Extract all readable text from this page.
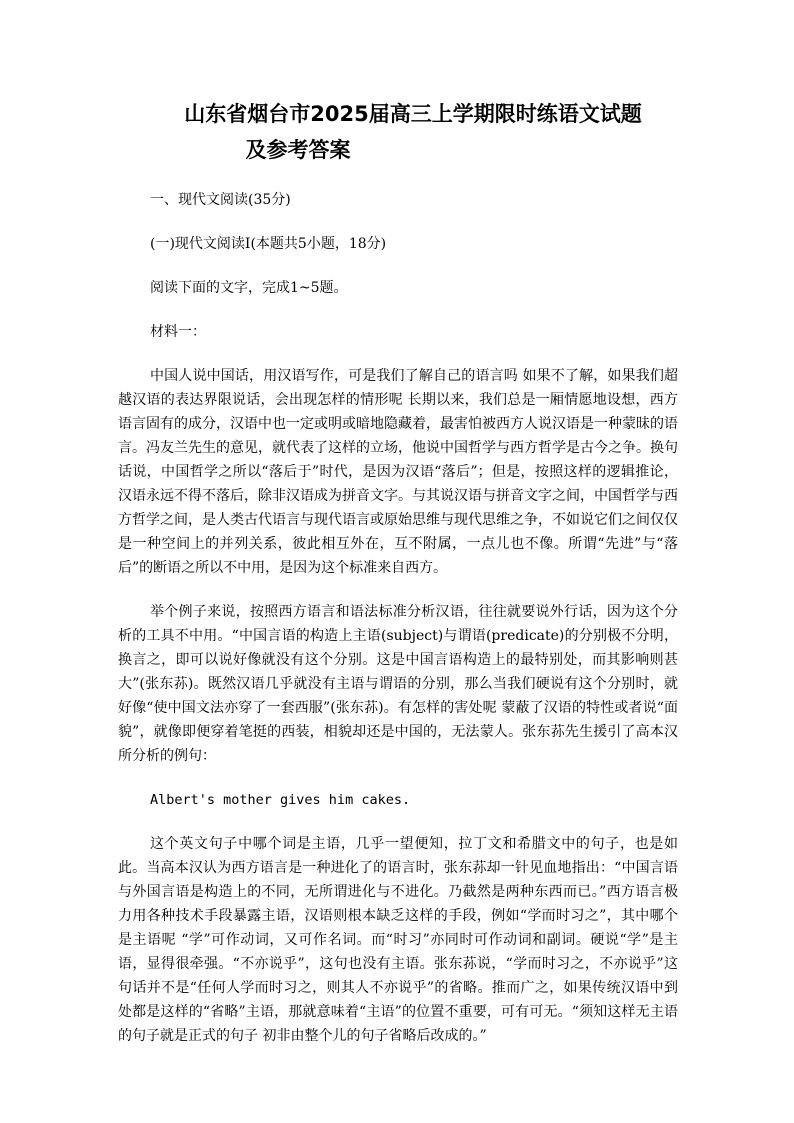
山东省烟台市2025届高三上学期限时练语文试题
及参考答案

一、现代文阅读(35分)

(一)现代文阅读Ⅰ(本题共5小题，18分)

阅读下面的文字，完成1~5题。

材料一：

中国人说中国话，用汉语写作，可是我们了解自己的语言吗 如果不了解，如果我们超越汉语的表达界限说话，会出现怎样的情形呢 长期以来，我们总是一厢情愿地设想，西方语言固有的成分，汉语中也一定或明或暗地隐藏着，最害怕被西方人说汉语是一种蒙昧的语言。冯友兰先生的意见，就代表了这样的立场，他说中国哲学与西方哲学是古今之争。换句话说，中国哲学之所以“落后于”时代，是因为汉语“落后”；但是，按照这样的逻辑推论，汉语永远不得不落后，除非汉语成为拼音文字。与其说汉语与拼音文字之间，中国哲学与西方哲学之间，是人类古代语言与现代语言或原始思维与现代思维之争，不如说它们之间仅仅是一种空间上的并列关系，彼此相互外在，互不附属，一点儿也不像。所谓“先进”与“落后”的断语之所以不中用，是因为这个标准来自西方。

举个例子来说，按照西方语言和语法标准分析汉语，往往就要说外行话，因为这个分析的工具不中用。“中国言语的构造上主语(subject)与谓语(predicate)的分别极不分明，换言之，即可以说好像就没有这个分别。这是中国言语构造上的最特别处，而其影响则甚大”(张东荪)。既然汉语几乎就没有主语与谓语的分别，那么当我们硬说有这个分别时，就好像“使中国文法亦穿了一套西服”(张东荪)。有怎样的害处呢 蒙蔽了汉语的特性或者说“面貌”，就像即便穿着笔挺的西装，相貌却还是中国的，无法蒙人。张东荪先生援引了高本汉所分析的例句：

Albert's mother gives him cakes.

这个英文句子中哪个词是主语，几乎一望便知，拉丁文和希腊文中的句子，也是如此。当高本汉认为西方语言是一种进化了的语言时，张东荪却一针见血地指出：“中国言语与外国言语是构造上的不同，无所谓进化与不进化。乃截然是两种东西而已。”西方语言极力用各种技术手段暴露主语，汉语则根本缺乏这样的手段，例如“学而时习之”，其中哪个是主语呢 “学”可作动词，又可作名词。而“时习”亦同时可作动词和副词。硬说“学”是主语，显得很牵强。“不亦说乎”，这句也没有主语。张东荪说，“学而时习之，不亦说乎”这句话并不是“任何人学而时习之，则其人不亦说乎”的省略。推而广之，如果传统汉语中到处都是这样的“省略”主语，那就意味着“主语”的位置不重要，可有可无。“须知这样无主语的句子就是正式的句子 初非由整个儿的句子省略后改成的。”
